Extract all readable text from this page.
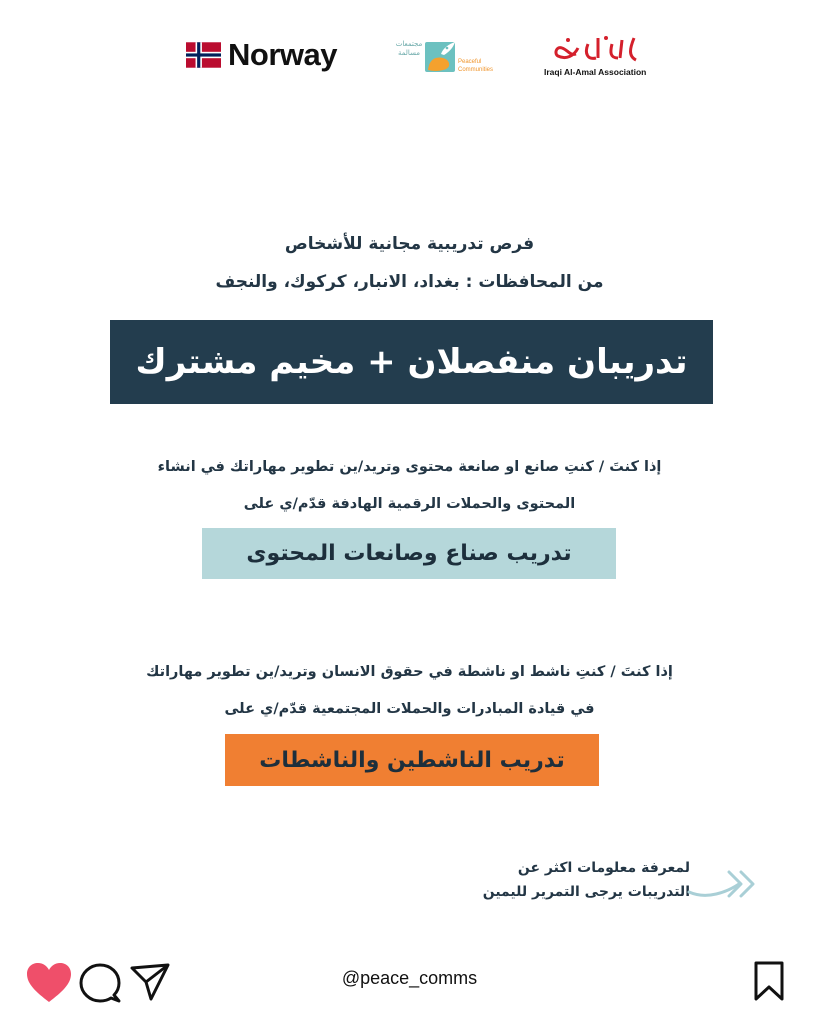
Norway	مجتمعات مسالمة
Peaceful Communities	Iraqi Al-Amal Association
فرص تدريبية مجانية للأشخاص
من المحافظات : بغداد، الانبار، كركوك، والنجف
تدريبان منفصلان + مخيم مشترك
إذا كنتَ / كنتِ صانع او صانعة محتوى وتريد/ين تطوير مهاراتك في انشاء
المحتوى والحملات الرقمية الهادفة قدّم/ي على
تدريب صناع وصانعات المحتوى
إذا كنتَ / كنتِ ناشط او ناشطة في حقوق الانسان وتريد/ين تطوير مهاراتك
في قيادة المبادرات والحملات المجتمعية قدّم/ي على
تدريب الناشطين والناشطات
لمعرفة معلومات اكثر عن
التدريبات يرجى التمرير لليمين
@peace_comms
